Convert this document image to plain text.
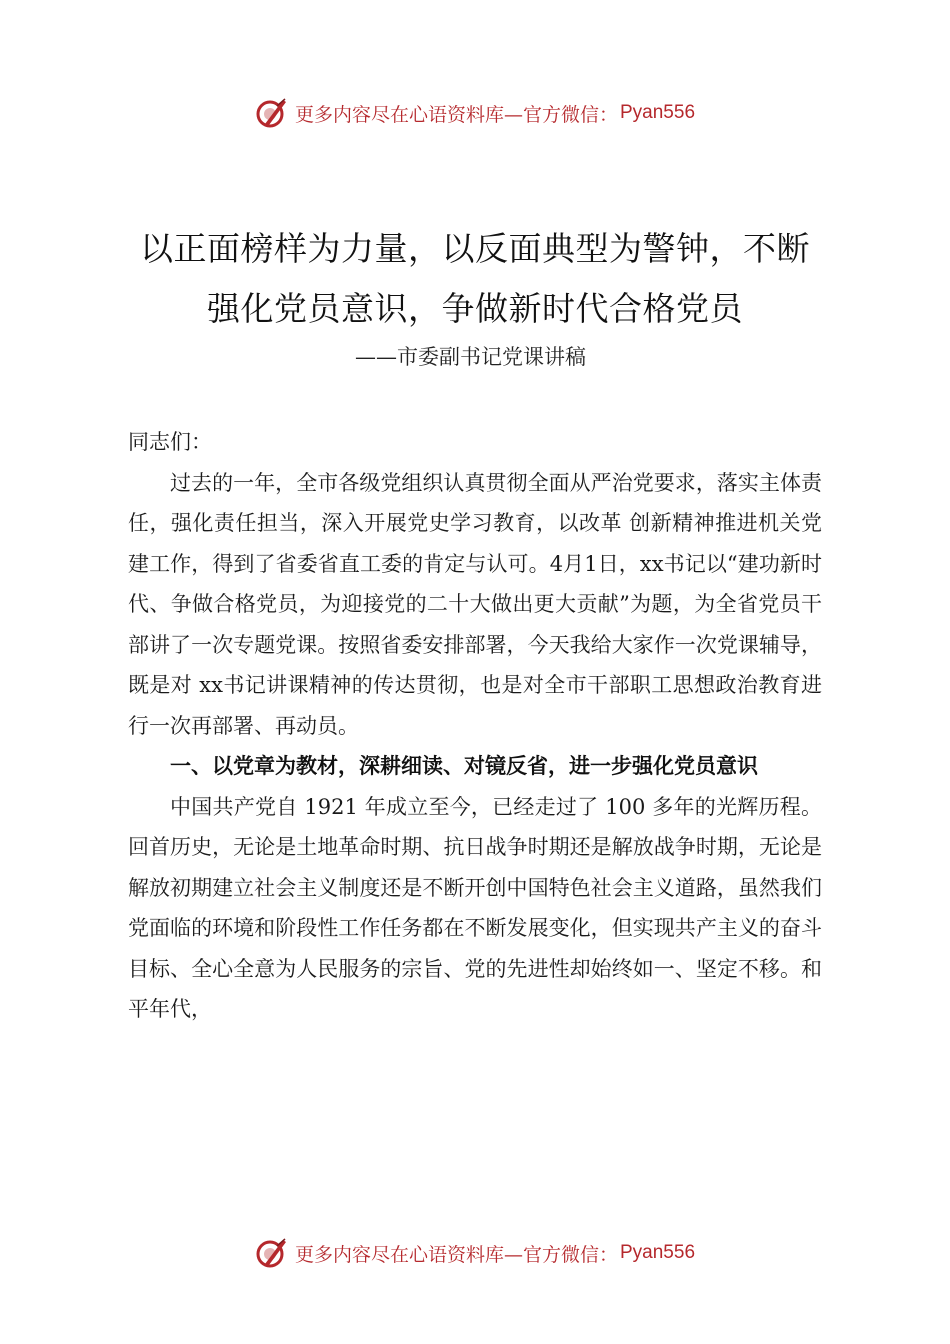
更多内容尽在心语资料库—官方微信： Pyan556
以正面榜样为力量，以反面典型为警钟，不断
强化党员意识，争做新时代合格党员
——市委副书记党课讲稿

同志们：

过去的一年，全市各级党组织认真贯彻全面从严治党要求，落实主体责任，强化责任担当，深入开展党史学习教育，以改革 创新精神推进机关党建工作，得到了省委省直工委的肯定与认可。4月1日，xx书记以“建功新时代、争做合格党员，为迎接党的二十大做出更大贡献”为题，为全省党员干部讲了一次专题党课。按照省委安排部署，今天我给大家作一次党课辅导，既是对 xx书记讲课精神的传达贯彻，也是对全市干部职工思想政治教育进 行一次再部署、再动员。

一、以党章为教材，深耕细读、对镜反省，进一步强化党员意识

中国共产党自 1921 年成立至今，已经走过了 100 多年的光辉历程。回首历史，无论是土地革命时期、抗日战争时期还是解放战争时期，无论是解放初期建立社会主义制度还是不断开创中国特色社会主义道路，虽然我们党面临的环境和阶段性工作任务都在不断发展变化，但实现共产主义的奋斗目标、全心全意为人民服务的宗旨、党的先进性却始终如一、坚定不移。和平年代，

更多内容尽在心语资料库—官方微信： Pyan556
